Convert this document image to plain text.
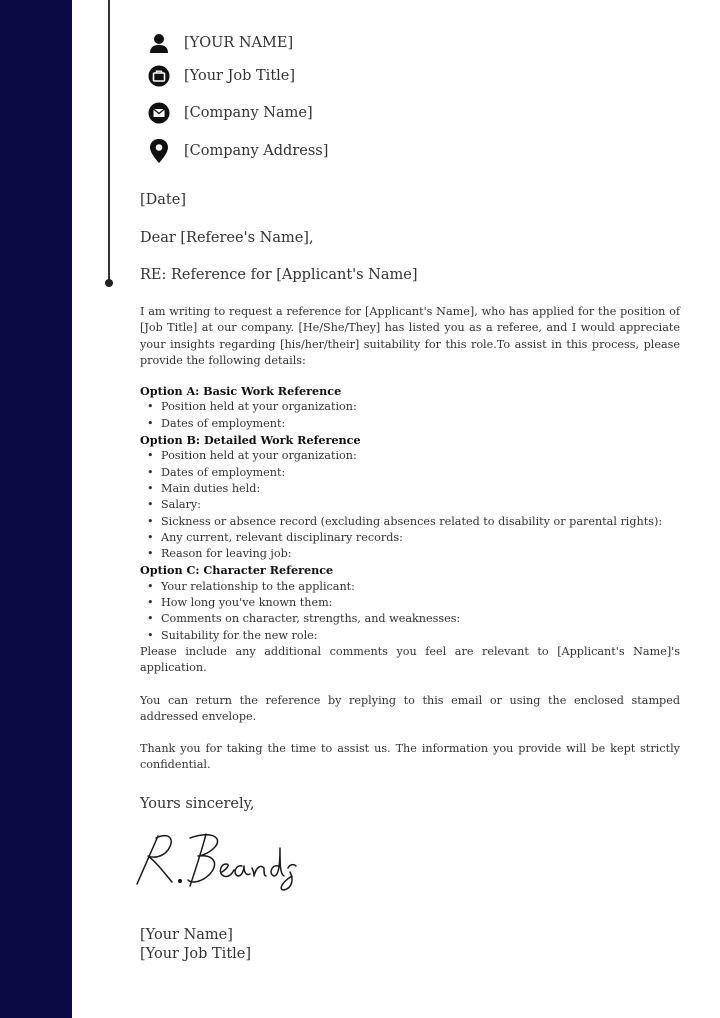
[YOUR NAME]
[Your Job Title]
[Company Name]
[Company Address]
[Date]
Dear [Referee's Name],
RE: Reference for [Applicant's Name]

I am writing to request a reference for [Applicant's Name], who has applied for the position of [Job Title] at our company. [He/She/They] has listed you as a referee, and I would appreciate your insights regarding [his/her/their] suitability for this role.To assist in this process, please provide the following details:

Option A: Basic Work Reference
• Position held at your organization:
• Dates of employment:
Option B: Detailed Work Reference
• Position held at your organization:
• Dates of employment:
• Main duties held:
• Salary:
• Sickness or absence record (excluding absences related to disability or parental rights):
• Any current, relevant disciplinary records:
• Reason for leaving job:
Option C: Character Reference
• Your relationship to the applicant:
• How long you've known them:
• Comments on character, strengths, and weaknesses:
• Suitability for the new role:

Please include any additional comments you feel are relevant to [Applicant's Name]'s application.

You can return the reference by replying to this email or using the enclosed stamped addressed envelope.

Thank you for taking the time to assist us. The information you provide will be kept strictly confidential.

Yours sincerely,
[Your Name]
[Your Job Title]
